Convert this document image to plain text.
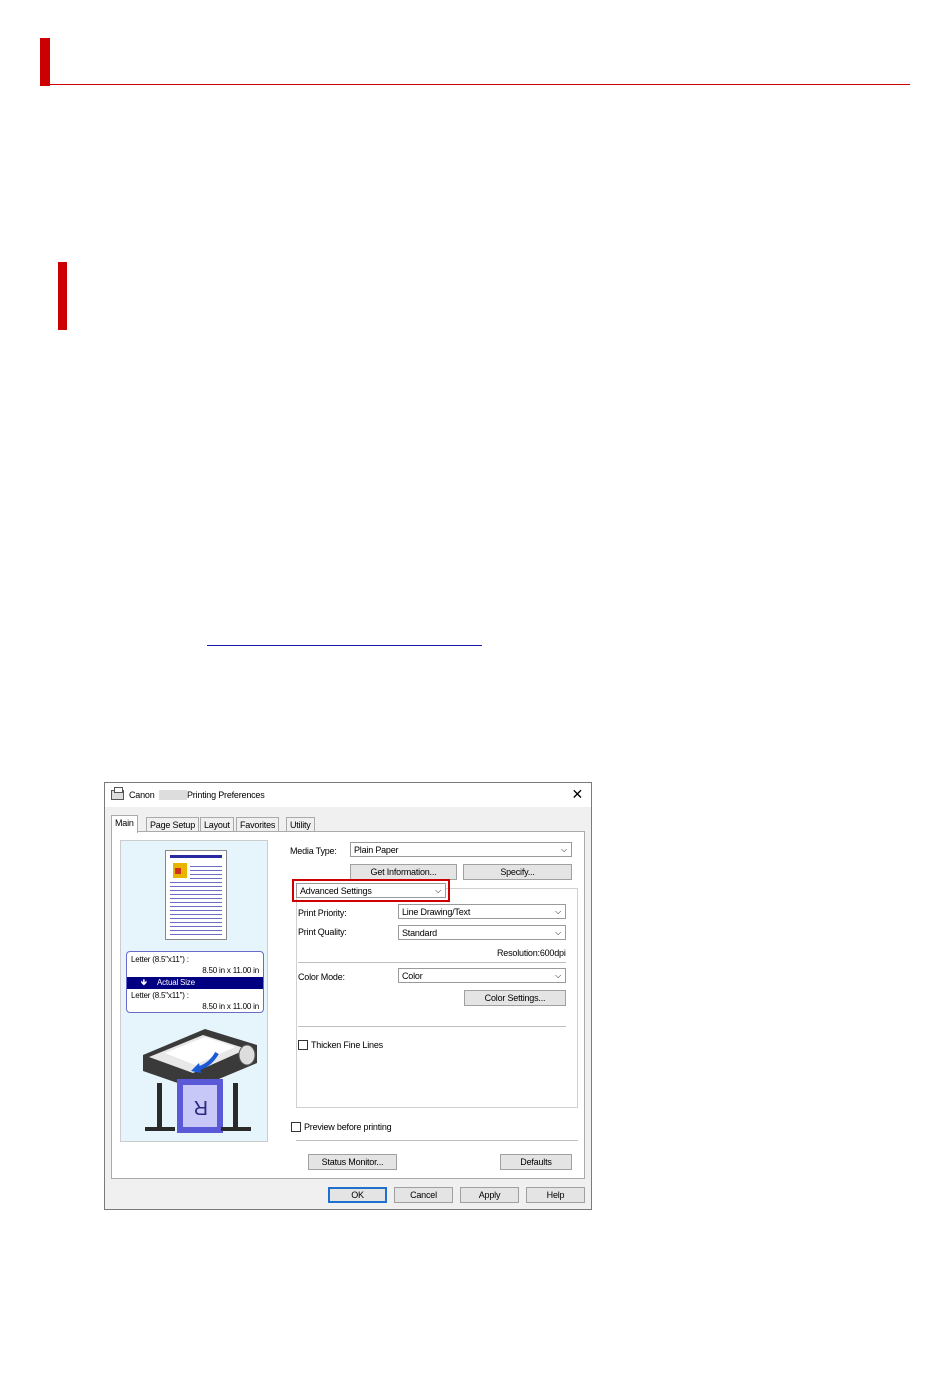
Canon	Printing Preferences	✕
Main	Page Setup Layout	Favorites	Utility
Letter (8.5"x11") :
8.50 in x 11.00 in
🡻 Actual Size
Letter (8.5"x11") :
8.50 in x 11.00 in
R
Media Type:	Plain Paper	⌵
Get Information...	Specify...
Advanced Settings	⌵
Print Priority:	Line Drawing/Text	⌵
Print Quality:	Standard	⌵
Resolution:600dpi
Color Mode:	Color	⌵
Color Settings...
Thicken Fine Lines
Preview before printing
Status Monitor...	Defaults
OK	Cancel	Apply	Help
